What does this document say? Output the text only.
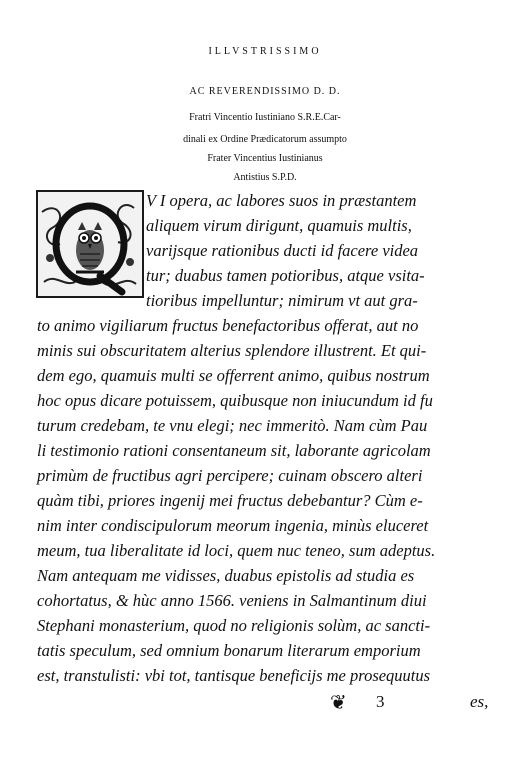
ILLVSTRISSIMO
AC REVERENDISSIMO D. D.
Fratri Vincentio Iustiniano S.R.E.Car-
dinali ex Ordine Prædicatorum assumpto
Frater Vincentius Iustinianus
Antistius S.P.D.
V I opera, ac labores suos in præstantem
aliquem virum dirigunt, quamuis multis,
varijsque rationibus ducti id facere videa
tur; duabus tamen potioribus, atque vsita-
tioribus impelluntur; nimirum vt aut gra-
to animo vigiliarum fructus benefactoribus offerat, aut no
minis sui obscuritatem alterius splendore illustrent. Et qui-
dem ego, quamuis multi se offerrent animo, quibus nostrum
hoc opus dicare potuissem, quibusque non iniucundum id fu
turum credebam, te vnu elegi; nec immeritò. Nam cùm Pau
li testimonio rationi consentaneum sit, laborante agricolam
primùm de fructibus agri percipere; cuinam obscero alteri
quàm tibi, priores ingenij mei fructus debebantur? Cùm e-
nim inter condiscipulorum meorum ingenia, minùs eluceret
meum, tua liberalitate id loci, quem nuc teneo, sum adeptus.
Nam antequam me vidisses, duabus epistolis ad studia es
cohortatus, & hùc anno 1566. veniens in Salmantinum diui
Stephani monasterium, quod no religionis solùm, ac sancti-
tatis speculum, sed omnium bonarum literarum emporium
est, transtulisti: vbi tot, tantisque beneficijs me prosequutus
❦ 3	es,
